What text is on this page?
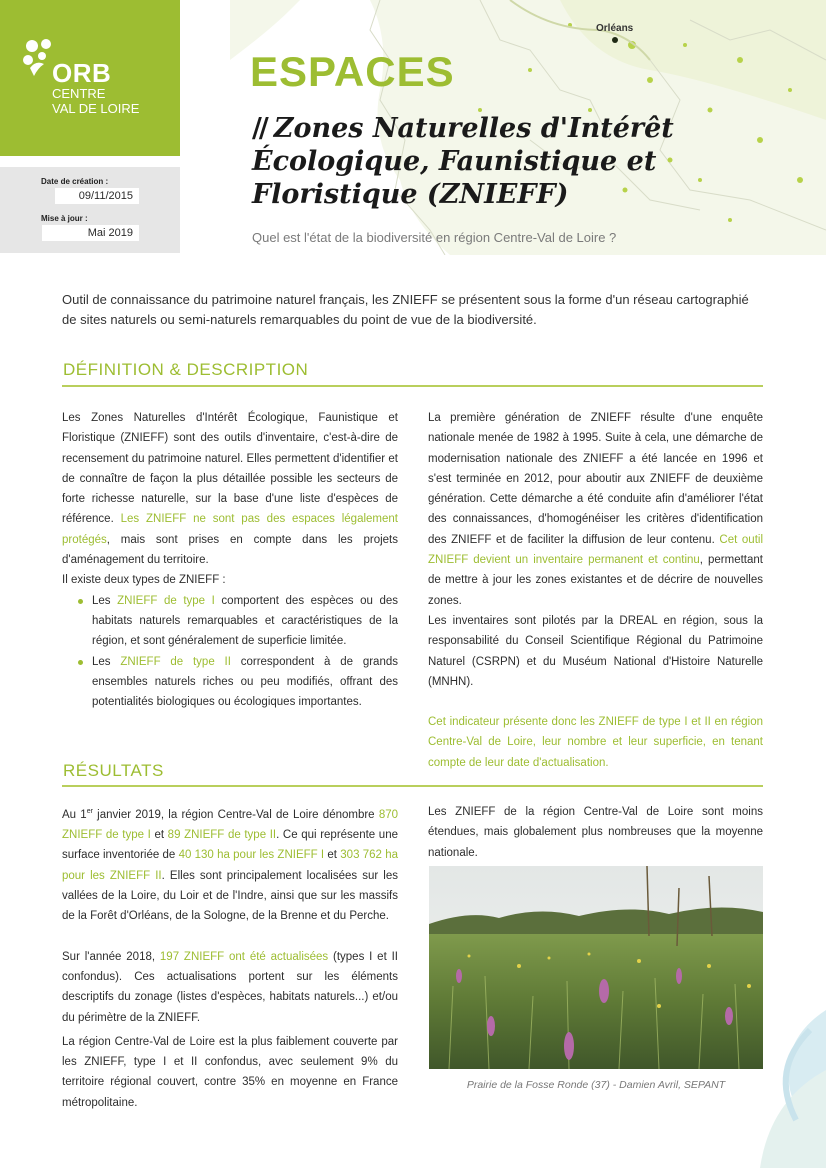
Orléans
ORB
CENTRE
VAL DE LOIRE
Date de création :
09/11/2015
Mise à jour :
Mai 2019
ESPACES
// Zones Naturelles d'Intérêt Écologique, Faunistique et Floristique (ZNIEFF)
Quel est l'état de la biodiversité en région Centre-Val de Loire ?
Outil de connaissance du patrimoine naturel français, les ZNIEFF se présentent sous la forme d'un réseau cartographié de sites naturels ou semi-naturels remarquables du point de vue de la biodiversité.
DÉFINITION & DESCRIPTION

Les Zones Naturelles d'Intérêt Écologique, Faunistique et Floristique (ZNIEFF) sont des outils d'inventaire, c'est-à-dire de recensement du patrimoine naturel. Elles permettent d'identifier et de connaître de façon la plus détaillée possible les secteurs de forte richesse naturelle, sur la base d'une liste d'espèces de référence. Les ZNIEFF ne sont pas des espaces légalement protégés, mais sont prises en compte dans les projets d'aménagement du territoire.

Il existe deux types de ZNIEFF :

Les ZNIEFF de type I comportent des espèces ou des habitats naturels remarquables et caractéristiques de la région, et sont généralement de superficie limitée.
Les ZNIEFF de type II correspondent à de grands ensembles naturels riches ou peu modifiés, offrant des potentialités biologiques ou écologiques importantes.

La première génération de ZNIEFF résulte d'une enquête nationale menée de 1982 à 1995. Suite à cela, une démarche de modernisation nationale des ZNIEFF a été lancée en 1996 et s'est terminée en 2012, pour aboutir aux ZNIEFF de deuxième génération. Cette démarche a été conduite afin d'améliorer l'état des connaissances, d'homogénéiser les critères d'identification des ZNIEFF et de faciliter la diffusion de leur contenu. Cet outil ZNIEFF devient un inventaire permanent et continu, permettant de mettre à jour les zones existantes et de décrire de nouvelles zones.

Les inventaires sont pilotés par la DREAL en région, sous la responsabilité du Conseil Scientifique Régional du Patrimoine Naturel (CSRPN) et du Muséum National d'Histoire Naturelle (MNHN).

Cet indicateur présente donc les ZNIEFF de type I et II en région Centre-Val de Loire, leur nombre et leur superficie, en tenant compte de leur date d'actualisation.

RÉSULTATS

Au 1er janvier 2019, la région Centre-Val de Loire dénombre 870 ZNIEFF de type I et 89 ZNIEFF de type II. Ce qui représente une surface inventoriée de 40 130 ha pour les ZNIEFF I et 303 762 ha pour les ZNIEFF II. Elles sont principalement localisées sur les vallées de la Loire, du Loir et de l'Indre, ainsi que sur les massifs de la Forêt d'Orléans, de la Sologne, de la Brenne et du Perche.

Sur l'année 2018, 197 ZNIEFF ont été actualisées (types I et II confondus). Ces actualisations portent sur les éléments descriptifs du zonage (listes d'espèces, habitats naturels...) et/ou du périmètre de la ZNIEFF.

La région Centre-Val de Loire est la plus faiblement couverte par les ZNIEFF, type I et II confondus, avec seulement 9% du territoire régional couvert, contre 35% en moyenne en France métropolitaine.

Les ZNIEFF de la région Centre-Val de Loire sont moins étendues, mais globalement plus nombreuses que la moyenne nationale.

Prairie de la Fosse Ronde (37) - Damien Avril, SEPANT
